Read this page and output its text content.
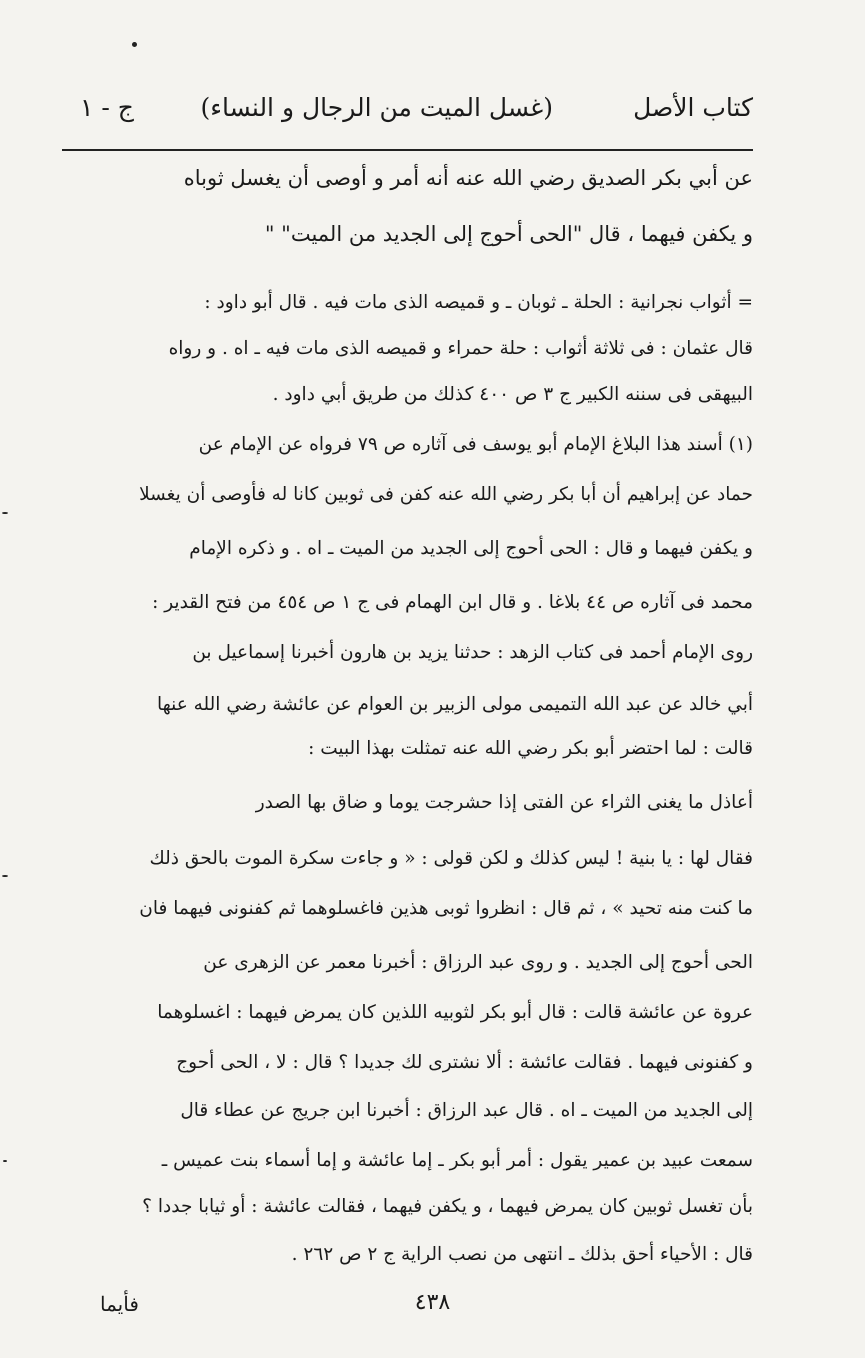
كتاب الأصل
(غسل الميت من الرجال و النساء)
ج - ١
عن أبي بكر الصديق رضي الله عنه أنه أمر و أوصى أن يغسل ثوباه
و يكفن فيهما ، قال "الحى أحوج إلى الجديد من الميت" "
= أثواب نجرانية : الحلة ـ ثوبان ـ و قميصه الذى مات فيه . قال أبو داود :
قال عثمان : فى ثلاثة أثواب : حلة حمراء و قميصه الذى مات فيه ـ اه . و رواه
البيهقى فى سننه الكبير ج ٣ ص ٤٠٠ كذلك من طريق أبي داود .
(١) أسند هذا البلاغ الإمام أبو يوسف فى آثاره ص ٧٩ فرواه عن الإمام عن
حماد عن إبراهيم أن أبا بكر رضي الله عنه كفن فى ثوبين كانا له فأوصى أن يغسلا
و يكفن فيهما و قال : الحى أحوج إلى الجديد من الميت ـ اه . و ذكره الإمام
محمد فى آثاره ص ٤٤ بلاغا . و قال ابن الهمام فى ج ١ ص ٤٥٤ من فتح القدير :
روى الإمام أحمد فى كتاب الزهد : حدثنا يزيد بن هارون أخبرنا إسماعيل بن
أبي خالد عن عبد الله التميمى مولى الزبير بن العوام عن عائشة رضي الله عنها
قالت : لما احتضر أبو بكر رضي الله عنه تمثلت بهذا البيت :
أعاذل ما يغنى الثراء عن الفتى إذا حشرجت يوما و ضاق بها الصدر
فقال لها : يا بنية ! ليس كذلك و لكن قولى : « و جاءت سكرة الموت بالحق ذلك
ما كنت منه تحيد » ، ثم قال : انظروا ثوبى هذين فاغسلوهما ثم كفنونى فيهما فان
الحى أحوج إلى الجديد . و روى عبد الرزاق : أخبرنا معمر عن الزهرى عن
عروة عن عائشة قالت : قال أبو بكر لثوبيه اللذين كان يمرض فيهما : اغسلوهما
و كفنونى فيهما . فقالت عائشة : ألا نشترى لك جديدا ؟ قال : لا ، الحى أحوج
إلى الجديد من الميت ـ اه . قال عبد الرزاق : أخبرنا ابن جريج عن عطاء قال
سمعت عبيد بن عمير يقول : أمر أبو بكر ـ إما عائشة و إما أسماء بنت عميس ـ
بأن تغسل ثوبين كان يمرض فيهما ، و يكفن فيهما ، فقالت عائشة : أو ثيابا جددا ؟
قال : الأحياء أحق بذلك ـ انتهى من نصب الراية ج ٢ ص ٢٦٢ .
٤٣٨
فأيما
